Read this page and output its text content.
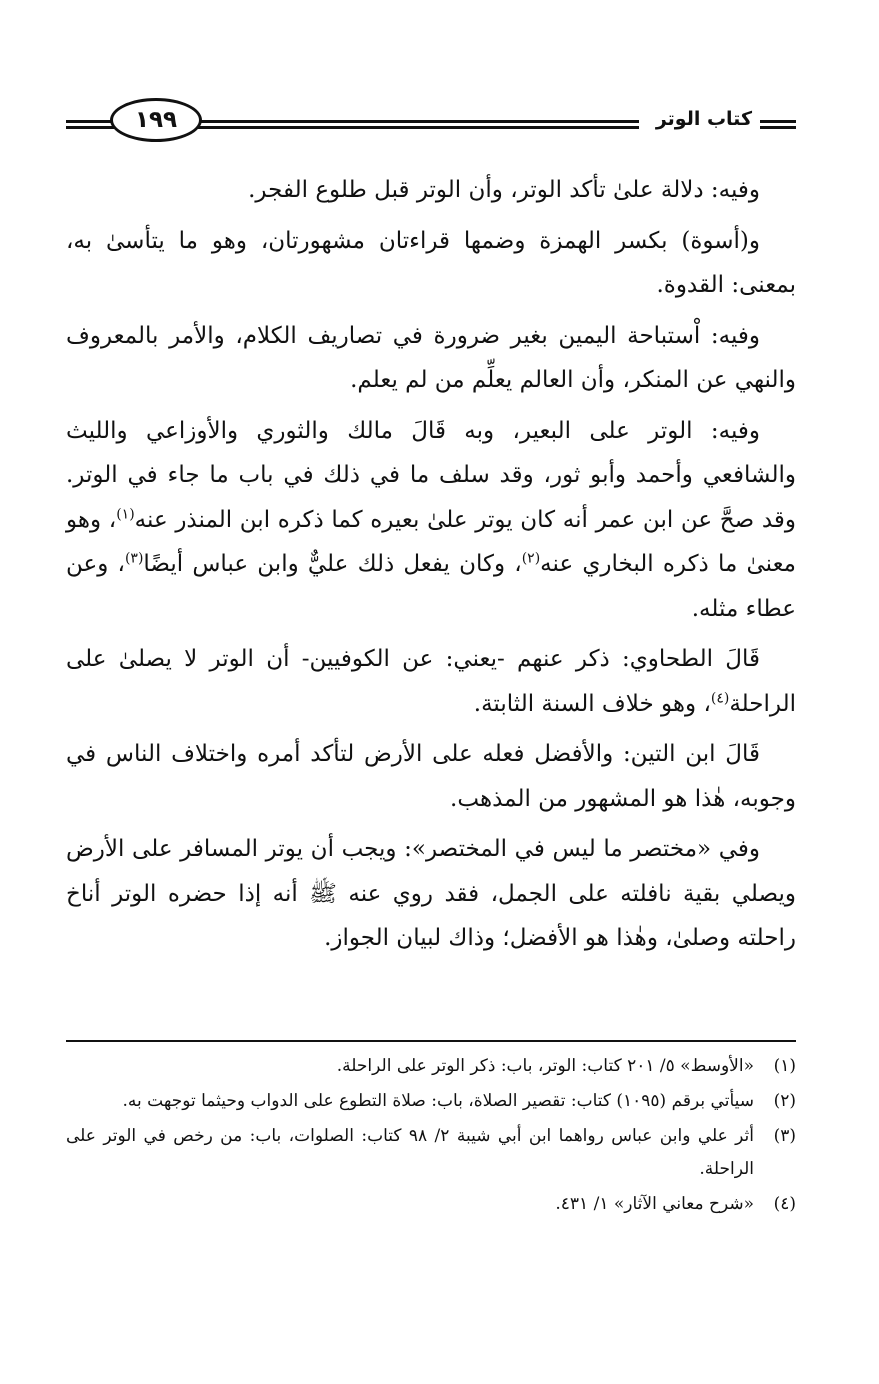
١٩٩	كتاب الوتر

وفيه: دلالة علىٰ تأكد الوتر، وأن الوتر قبل طلوع الفجر.

و(أسوة) بكسر الهمزة وضمها قراءتان مشهورتان، وهو ما يتأسىٰ به، بمعنى: القدوة.

وفيه: اْستباحة اليمين بغير ضرورة في تصاريف الكلام، والأمر بالمعروف والنهي عن المنكر، وأن العالم يعلِّم من لم يعلم.

وفيه: الوتر على البعير، وبه قَالَ مالك والثوري والأوزاعي والليث والشافعي وأحمد وأبو ثور، وقد سلف ما في ذلك في باب ما جاء في الوتر. وقد صحَّ عن ابن عمر أنه كان يوتر علىٰ بعيره كما ذكره ابن المنذر عنه$^{(١)}$، وهو معنىٰ ما ذكره البخاري عنه$^{(٢)}$، وكان يفعل ذلك عليٌّ وابن عباس أيضًا$^{(٣)}$، وعن عطاء مثله.

قَالَ الطحاوي: ذكر عنهم -يعني: عن الكوفيين- أن الوتر لا يصلىٰ على الراحلة$^{(٤)}$، وهو خلاف السنة الثابتة.

قَالَ ابن التين: والأفضل فعله على الأرض لتأكد أمره واختلاف الناس في وجوبه، هٰذا هو المشهور من المذهب.

وفي «مختصر ما ليس في المختصر»: ويجب أن يوتر المسافر على الأرض ويصلي بقية نافلته على الجمل، فقد روي عنه ﷺ أنه إذا حضره الوتر أناخ راحلته وصلىٰ، وهٰذا هو الأفضل؛ وذاك لبيان الجواز.

(١)
«الأوسط» ٥/ ٢٠١ كتاب: الوتر، باب: ذكر الوتر على الراحلة.
(٢)
سيأتي برقم (١٠٩٥) كتاب: تقصير الصلاة، باب: صلاة التطوع على الدواب وحيثما توجهت به.
(٣)
أثر علي وابن عباس رواهما ابن أبي شيبة ٢/ ٩٨ كتاب: الصلوات، باب: من رخص في الوتر على الراحلة.
(٤)
«شرح معاني الآثار» ١/ ٤٣١.
